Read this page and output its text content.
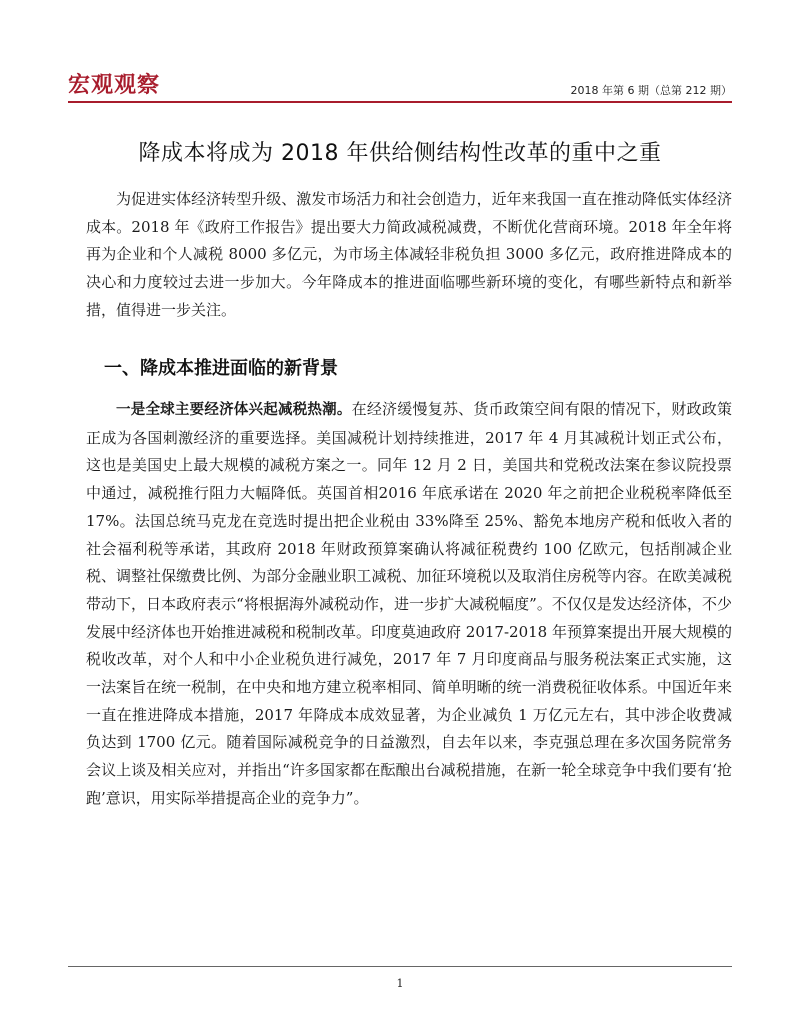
宏观观察	2018 年第 6 期（总第 212 期）
降成本将成为 2018 年供给侧结构性改革的重中之重

为促进实体经济转型升级、激发市场活力和社会创造力，近年来我国一直在推动降低实体经济成本。2018 年《政府工作报告》提出要大力简政减税减费，不断优化营商环境。2018 年全年将再为企业和个人减税 8000 多亿元，为市场主体减轻非税负担 3000 多亿元，政府推进降成本的决心和力度较过去进一步加大。今年降成本的推进面临哪些新环境的变化，有哪些新特点和新举措，值得进一步关注。

一、降成本推进面临的新背景

一是全球主要经济体兴起减税热潮。在经济缓慢复苏、货币政策空间有限的情况下，财政政策正成为各国刺激经济的重要选择。美国减税计划持续推进，2017 年 4 月其减税计划正式公布，这也是美国史上最大规模的减税方案之一。同年 12 月 2 日，美国共和党税改法案在参议院投票中通过，减税推行阻力大幅降低。英国首相2016 年底承诺在 2020 年之前把企业税税率降低至 17%。法国总统马克龙在竞选时提出把企业税由 33%降至 25%、豁免本地房产税和低收入者的社会福利税等承诺，其政府 2018 年财政预算案确认将减征税费约 100 亿欧元，包括削减企业税、调整社保缴费比例、为部分金融业职工减税、加征环境税以及取消住房税等内容。在欧美减税带动下，日本政府表示“将根据海外减税动作，进一步扩大减税幅度”。不仅仅是发达经济体，不少发展中经济体也开始推进减税和税制改革。印度莫迪政府 2017-2018 年预算案提出开展大规模的税收改革，对个人和中小企业税负进行减免，2017 年 7 月印度商品与服务税法案正式实施，这一法案旨在统一税制，在中央和地方建立税率相同、简单明晰的统一消费税征收体系。中国近年来一直在推进降成本措施，2017 年降成本成效显著，为企业减负 1 万亿元左右，其中涉企收费减负达到 1700 亿元。随着国际减税竞争的日益激烈，自去年以来，李克强总理在多次国务院常务会议上谈及相关应对，并指出“许多国家都在酝酿出台减税措施，在新一轮全球竞争中我们要有‘抢跑’意识，用实际举措提高企业的竞争力”。

1
